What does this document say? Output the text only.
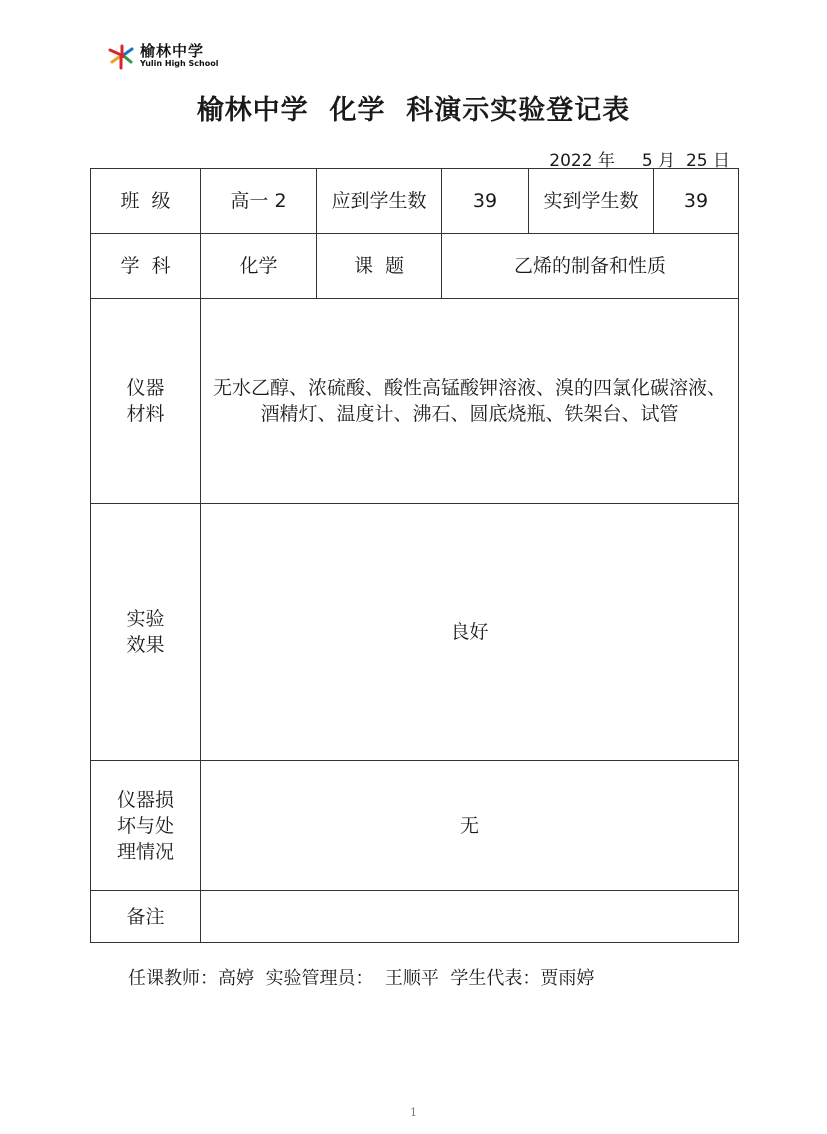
榆林中学
Yulin High School
榆林中学  化学  科演示实验登记表
2022 年     5 月  25 日
班  级	高一 2	应到学生数	39	实到学生数	39
学  科	化学	课  题	乙烯的制备和性质		
仪器
材料	无水乙醇、浓硫酸、酸性高锰酸钾溶液、溴的四氯化碳溶液、酒精灯、温度计、沸石、圆底烧瓶、铁架台、试管				
实验
效果	良好				
仪器损
坏与处
理情况	无				
备注					
任课教师：高婷  实验管理员：  王顺平  学生代表：贾雨婷
1
